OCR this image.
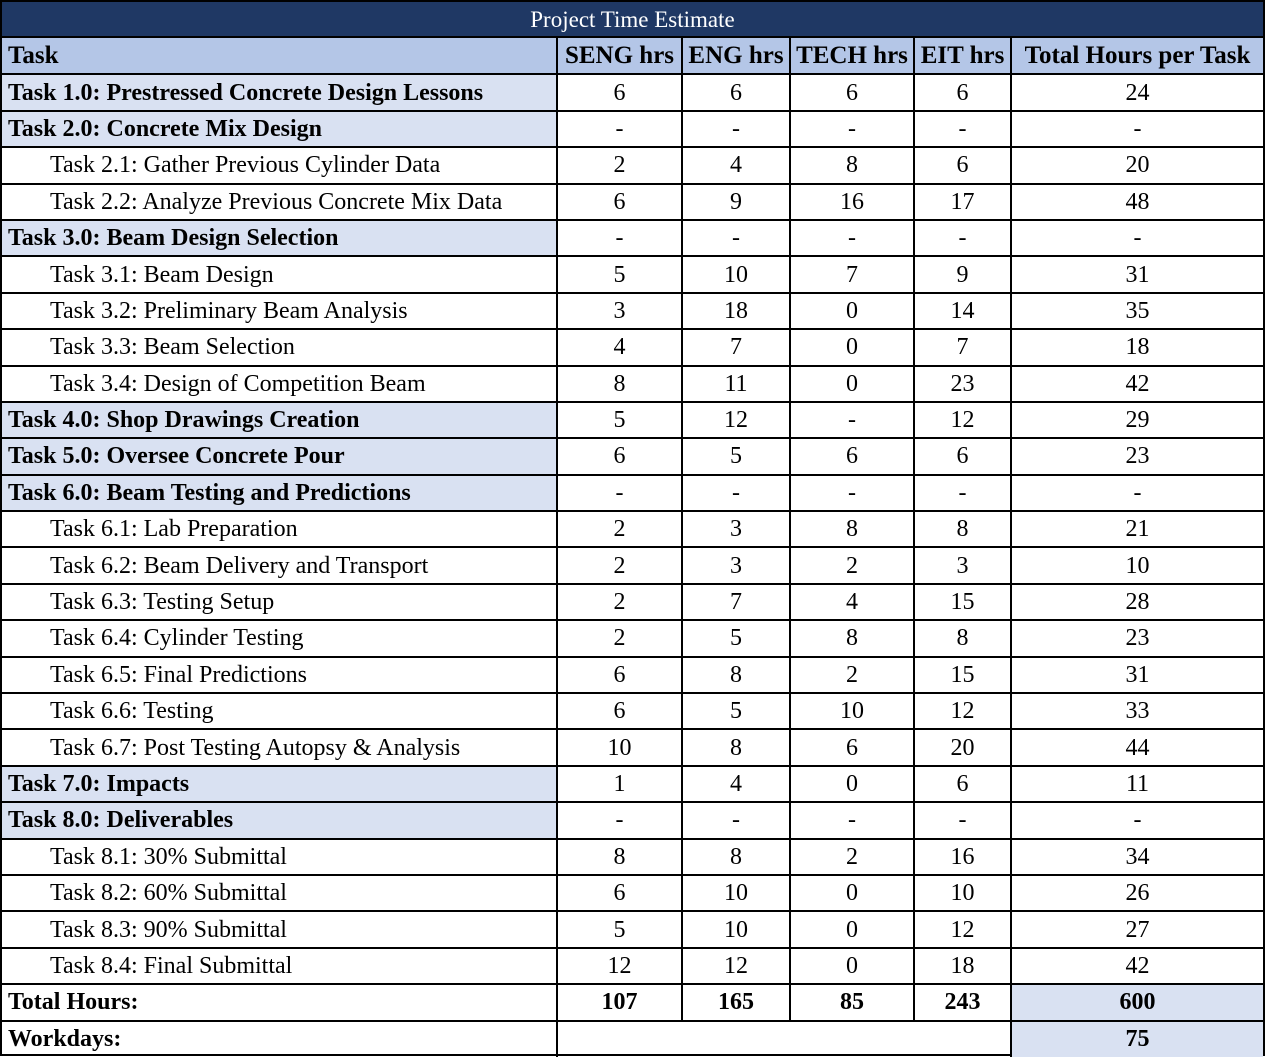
Project Time Estimate
Task	SENG hrs	ENG hrs	TECH hrs	EIT hrs	Total Hours per Task
Task 1.0: Prestressed Concrete Design Lessons	6	6	6	6	24
Task 2.0: Concrete Mix Design	-	-	-	-	-
Task 2.1: Gather Previous Cylinder Data	2	4	8	6	20
Task 2.2: Analyze Previous Concrete Mix Data	6	9	16	17	48
Task 3.0: Beam Design Selection	-	-	-	-	-
Task 3.1: Beam Design	5	10	7	9	31
Task 3.2: Preliminary Beam Analysis	3	18	0	14	35
Task 3.3: Beam Selection	4	7	0	7	18
Task 3.4: Design of Competition Beam	8	11	0	23	42
Task 4.0: Shop Drawings Creation	5	12	-	12	29
Task 5.0: Oversee Concrete Pour	6	5	6	6	23
Task 6.0: Beam Testing and Predictions	-	-	-	-	-
Task 6.1: Lab Preparation	2	3	8	8	21
Task 6.2: Beam Delivery and Transport	2	3	2	3	10
Task 6.3: Testing Setup	2	7	4	15	28
Task 6.4: Cylinder Testing	2	5	8	8	23
Task 6.5: Final Predictions	6	8	2	15	31
Task 6.6: Testing	6	5	10	12	33
Task 6.7: Post Testing Autopsy & Analysis	10	8	6	20	44
Task 7.0: Impacts	1	4	0	6	11
Task 8.0: Deliverables	-	-	-	-	-
Task 8.1: 30% Submittal	8	8	2	16	34
Task 8.2: 60% Submittal	6	10	0	10	26
Task 8.3: 90% Submittal	5	10	0	12	27
Task 8.4: Final Submittal	12	12	0	18	42
Total Hours:	107	165	85	243	600
Workdays:					75
